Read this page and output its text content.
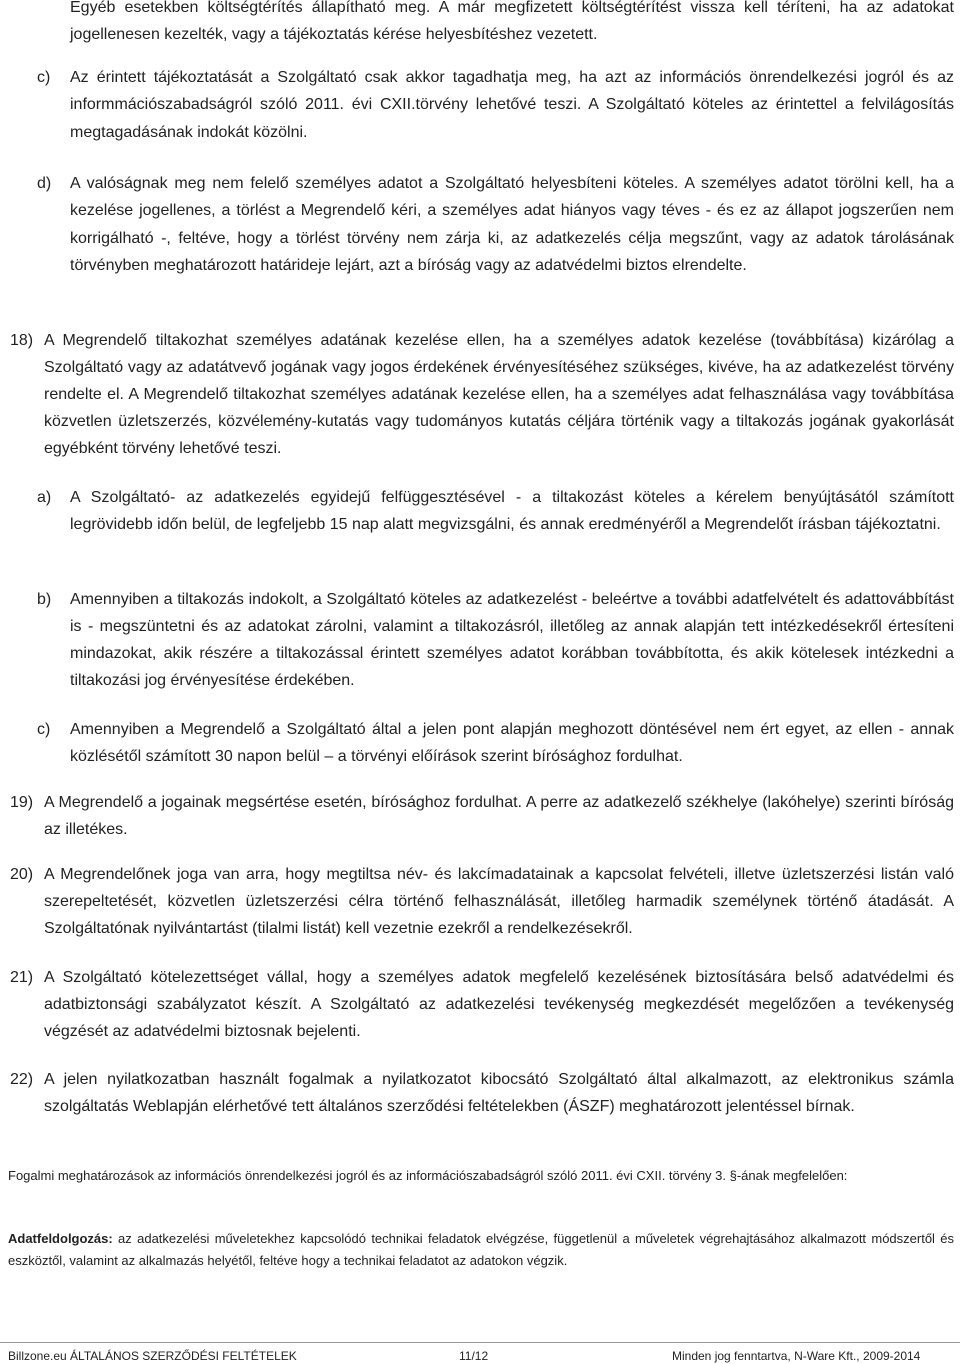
Egyéb esetekben költségtérítés állapítható meg. A már megfizetett költségtérítést vissza kell téríteni, ha az adatokat jogellenesen kezelték, vagy a tájékoztatás kérése helyesbítéshez vezetett.

c) Az érintett tájékoztatását a Szolgáltató csak akkor tagadhatja meg, ha azt az információs önrendelkezési jogról és az informmációszabadságról szóló 2011. évi CXII.törvény lehetővé teszi. A Szolgáltató köteles az érintettel a felvilágosítás megtagadásának indokát közölni.

d) A valóságnak meg nem felelő személyes adatot a Szolgáltató helyesbíteni köteles. A személyes adatot törölni kell, ha a kezelése jogellenes, a törlést a Megrendelő kéri, a személyes adat hiányos vagy téves - és ez az állapot jogszerűen nem korrigálható -, feltéve, hogy a törlést törvény nem zárja ki, az adatkezelés célja megszűnt, vagy az adatok tárolásának törvényben meghatározott határideje lejárt, azt a bíróság vagy az adatvédelmi biztos elrendelte.

18) A Megrendelő tiltakozhat személyes adatának kezelése ellen, ha a személyes adatok kezelése (továbbítása) kizárólag a Szolgáltató vagy az adatátvevő jogának vagy jogos érdekének érvényesítéséhez szükséges, kivéve, ha az adatkezelést törvény rendelte el. A Megrendelő tiltakozhat személyes adatának kezelése ellen, ha a személyes adat felhasználása vagy továbbítása közvetlen üzletszerzés, közvélemény-kutatás vagy tudományos kutatás céljára történik vagy a tiltakozás jogának gyakorlását egyébként törvény lehetővé teszi.

a) A Szolgáltató- az adatkezelés egyidejű felfüggesztésével - a tiltakozást köteles a kérelem benyújtásától számított legrövidebb időn belül, de legfeljebb 15 nap alatt megvizsgálni, és annak eredményéről a Megrendelőt írásban tájékoztatni.

b) Amennyiben a tiltakozás indokolt, a Szolgáltató köteles az adatkezelést - beleértve a további adatfelvételt és adattovábbítást is - megszüntetni és az adatokat zárolni, valamint a tiltakozásról, illetőleg az annak alapján tett intézkedésekről értesíteni mindazokat, akik részére a tiltakozással érintett személyes adatot korábban továbbította, és akik kötelesek intézkedni a tiltakozási jog érvényesítése érdekében.

c) Amennyiben a Megrendelő a Szolgáltató által a jelen pont alapján meghozott döntésével nem ért egyet, az ellen - annak közlésétől számított 30 napon belül – a törvényi előírások szerint bírósághoz fordulhat.

19) A Megrendelő a jogainak megsértése esetén, bírósághoz fordulhat. A perre az adatkezelő székhelye (lakóhelye) szerinti bíróság az illetékes.

20) A Megrendelőnek joga van arra, hogy megtiltsa név- és lakcímadatainak a kapcsolat felvételi, illetve üzletszerzési listán való szerepeltetését, közvetlen üzletszerzési célra történő felhasználását, illetőleg harmadik személynek történő átadását. A Szolgáltatónak nyilvántartást (tilalmi listát) kell vezetnie ezekről a rendelkezésekről.

21) A Szolgáltató kötelezettséget vállal, hogy a személyes adatok megfelelő kezelésének biztosítására belső adatvédelmi és adatbiztonsági szabályzatot készít. A Szolgáltató az adatkezelési tevékenység megkezdését megelőzően a tevékenység végzését az adatvédelmi biztosnak bejelenti.

22) A jelen nyilatkozatban használt fogalmak a nyilatkozatot kibocsátó Szolgáltató által alkalmazott, az elektronikus számla szolgáltatás Weblapján elérhetővé tett általános szerződési feltételekben (ÁSZF) meghatározott jelentéssel bírnak.

Fogalmi meghatározások az információs önrendelkezési jogról és az információszabadságról szóló 2011. évi CXII. törvény 3. §-ának megfelelően:

Adatfeldolgozás: az adatkezelési műveletekhez kapcsolódó technikai feladatok elvégzése, függetlenül a műveletek végrehajtásához alkalmazott módszertől és eszköztől, valamint az alkalmazás helyétől, feltéve hogy a technikai feladatot az adatokon végzik.

Billzone.eu ÁLTALÁNOS SZERZŐDÉSI FELTÉTELEK	11/12	Minden jog fenntartva, N-Ware Kft., 2009-2014
